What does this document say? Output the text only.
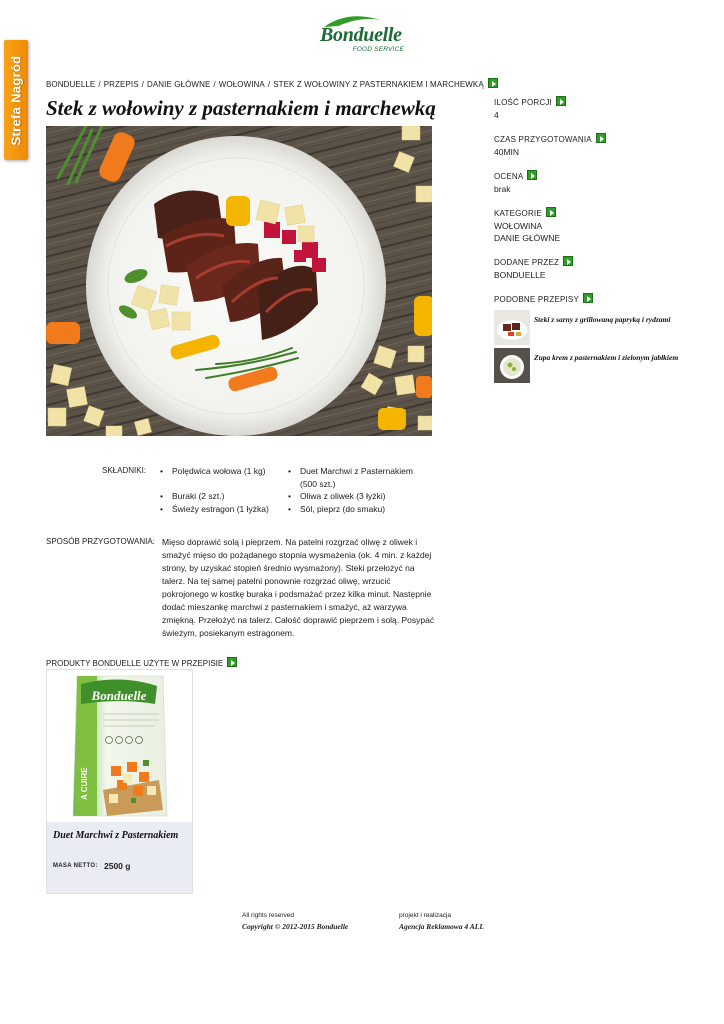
Strefa Nagród
Bonduelle
FOOD SERVICE
BONDUELLE / PRZEPIS / DANIE GŁÓWNE / WOŁOWINA / STEK Z WOŁOWINY Z PASTERNAKIEM I MARCHEWKĄ
Stek z wołowiny z pasternakiem i marchewką	ILOŚĆ PORCJI
4
CZAS PRZYGOTOWANIA
40MIN
OCENA
brak
KATEGORIE
WOŁOWINA
DANIE GŁÓWNE
DODANE PRZEZ
BONDUELLE
PODOBNE PRZEPISY
Steki z sarny z grillowaną papryką i rydzami
Zupa krem z pasternakiem i zielonym jabłkiem
SKŁADNIKI:
•	Polędwica wołowa (1 kg)
• Buraki (2 szt.)
• Świeży estragon (1 łyżka)
• Duet Marchwi z Pasternakiem
(500 szt.)
• Oliwa z oliwek (3 łyżki)
• Sól, pieprz (do smaku)
SPOSÓB PRZYGOTOWANIA: Mięso doprawić solą i pieprzem. Na patelni rozgrzać oliwę z oliwek i smażyć mięso do pożądanego stopnia wysmażenia (ok. 4 min. z każdej strony, by uzyskać stopień średnio wysmażony). Steki przełożyć na talerz. Na tej samej patelni ponownie rozgrzać oliwę, wrzucić pokrojonego w kostkę buraka i podsmażać przez kilka minut. Następnie dodać mieszankę marchwi z pasternakiem i smażyć, aż warzywa zmiękną. Przełożyć na talerz. Całość doprawić pieprzem i solą. Posypać świeżym, posiekanym estragonem.
PRODUKTY BONDUELLE UŻYTE W PRZEPISIE
Bonduelle
A CUIRE
Duet Marchwi z Pasternakiem
MASA NETTO: 2500 g
All rights reserved
Copyright © 2012-2015 Bonduelle
projekt i realizacja
Agencja Reklamowa 4 ALL
